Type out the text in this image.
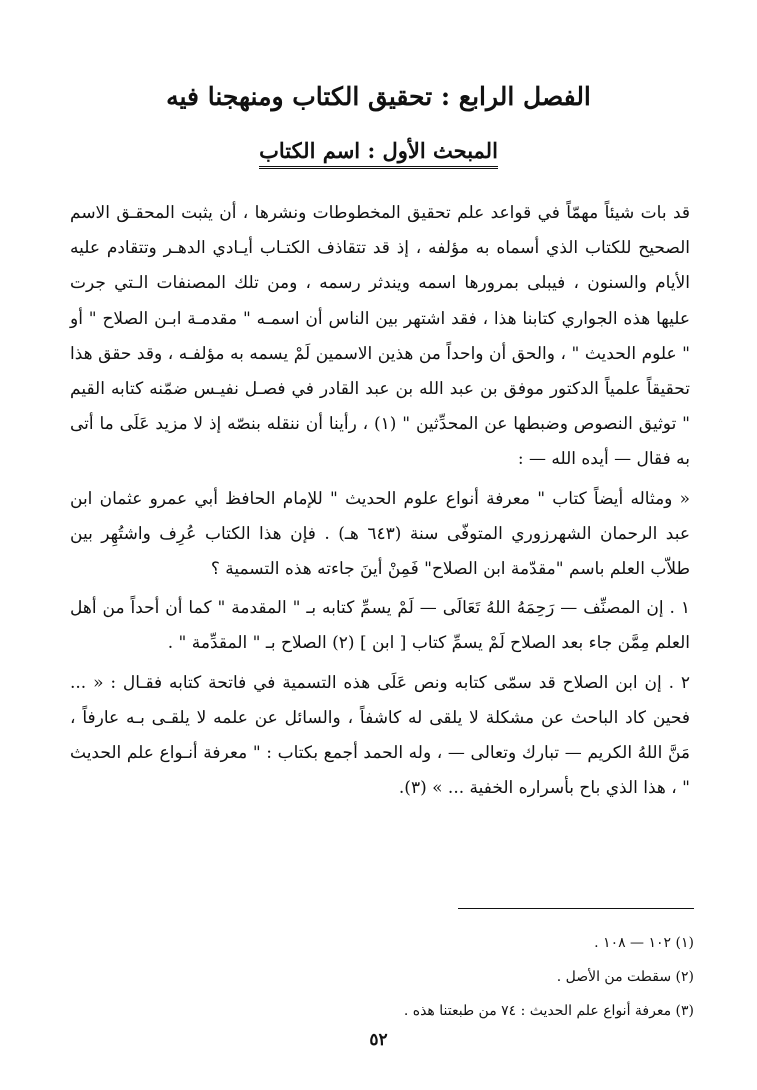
الفصل الرابع : تحقيق الكتاب ومنهجنا فيه
المبحث الأول : اسم الكتاب

قد بات شيئاً مهمّاً في قواعد علم تحقيق المخطوطات ونشرها ، أن يثبت المحقـق الاسم الصحيح للكتاب الذي أسماه به مؤلفه ، إذ قد تتقاذف الكتـاب أيـادي الدهـر وتتقادم عليه الأيام والسنون ، فيبلى بمرورها اسمه ويندثر رسمه ، ومن تلك المصنفات الـتي جرت عليها هذه الجواري كتابنا هذا ، فقد اشتهر بين الناس أن اسمـه " مقدمـة ابـن الصلاح " أو " علوم الحديث " ، والحق أن واحداً من هذين الاسمين لَمْ يسمه به مؤلفـه ، وقد حقق هذا تحقيقاً علمياً الدكتور موفق بن عبد الله بن عبد القادر في فصـل نفيـس ضمّنه كتابه القيم " توثيق النصوص وضبطها عن المحدِّثين " (١) ، رأينا أن ننقله بنصّه إذ لا مزيد عَلَى ما أتى به فقال — أيده الله — :

« ومثاله أيضاً كتاب " معرفة أنواع علوم الحديث " للإمام الحافظ أبي عمرو عثمان ابن عبد الرحمان الشهرزوري المتوفّى سنة (٦٤٣ هـ) . فإن هذا الكتاب عُرِف واشتُهِر بين طلاّب العلم باسم "مقدّمة ابن الصلاح" فَمِنْ أينَ جاءته هذه التسمية ؟

١ . إن المصنِّف — رَحِمَهُ اللهُ تَعَالَى — لَمْ يسمِّ كتابه بـ " المقدمة " كما أن أحداً من أهل العلم مِمَّن جاء بعد الصلاح لَمْ يسمِّ كتاب [ ابن ] (٢) الصلاح بـ " المقدِّمة " .

٢ . إن ابن الصلاح قد سمّى كتابه ونص عَلَى هذه التسمية في فاتحة كتابه فقـال : « ... فحين كاد الباحث عن مشكلة لا يلقى له كاشفاً ، والسائل عن علمه لا يلقـى بـه عارفاً ، مَنَّ اللهُ الكريم — تبارك وتعالى — ، وله الحمد أجمع بكتاب : " معرفة أنـواع علم الحديث " ، هذا الذي باح بأسراره الخفية ... » (٣).

(١) ١٠٢ — ١٠٨ .
(٢) سقطت من الأصل .
(٣) معرفة أنواع علم الحديث : ٧٤ من طبعتنا هذه .
٥٢
